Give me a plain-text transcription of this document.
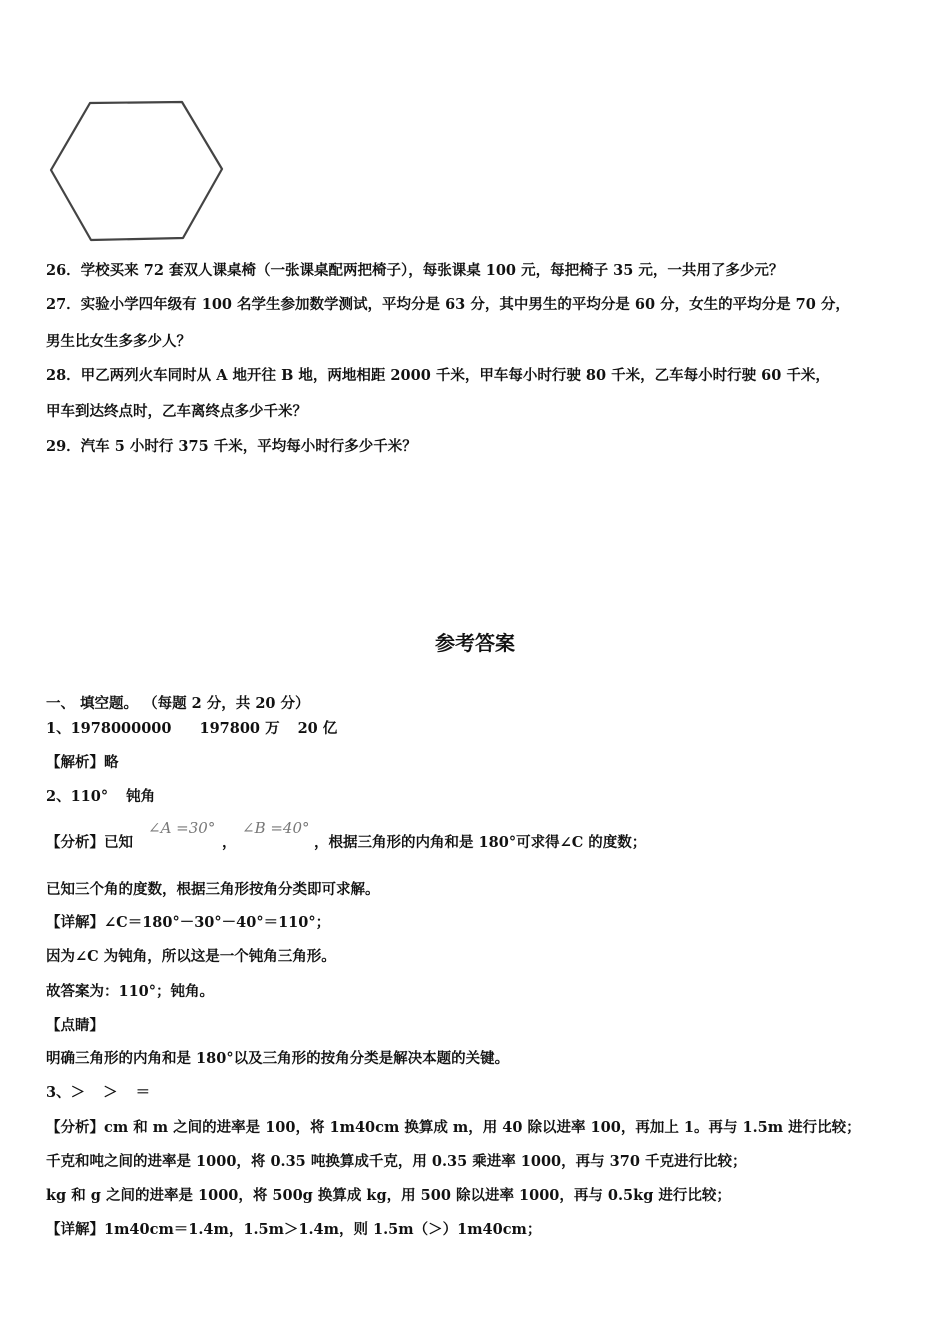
26．学校买来 72 套双人课桌椅（一张课桌配两把椅子），每张课桌 100 元，每把椅子 35 元，一共用了多少元？
27．实验小学四年级有 100 名学生参加数学测试，平均分是 63 分，其中男生的平均分是 60 分，女生的平均分是 70 分，
男生比女生多多少人？
28．甲乙两列火车同时从 A 地开往 B 地，两地相距 2000 千米，甲车每小时行驶 80 千米，乙车每小时行驶 60 千米，
甲车到达终点时，乙车离终点多少千米？
29．汽车 5 小时行 375 千米，平均每小时行多少千米？
参考答案
一、 填空题。 （每题 2 分，共 20 分）
1、1978000000 197800 万 20 亿
【解析】略
2、110° 钝角
【分析】已知
∠A =30°
，
∠B =40°
，根据三角形的内角和是 180°可求得∠C 的度数；
已知三个角的度数，根据三角形按角分类即可求解。
【详解】∠C＝180°－30°－40°＝110°；
因为∠C 为钝角，所以这是一个钝角三角形。
故答案为：110°；钝角。
【点睛】
明确三角形的内角和是 180°以及三角形的按角分类是解决本题的关键。
3、＞ ＞ ＝
【分析】cm 和 m 之间的进率是 100，将 1m40cm 换算成 m，用 40 除以进率 100，再加上 1。再与 1.5m 进行比较；
千克和吨之间的进率是 1000，将 0.35 吨换算成千克，用 0.35 乘进率 1000，再与 370 千克进行比较；
kg 和 g 之间的进率是 1000，将 500g 换算成 kg，用 500 除以进率 1000，再与 0.5kg 进行比较；
【详解】1m40cm＝1.4m，1.5m＞1.4m，则 1.5m（＞）1m40cm；
